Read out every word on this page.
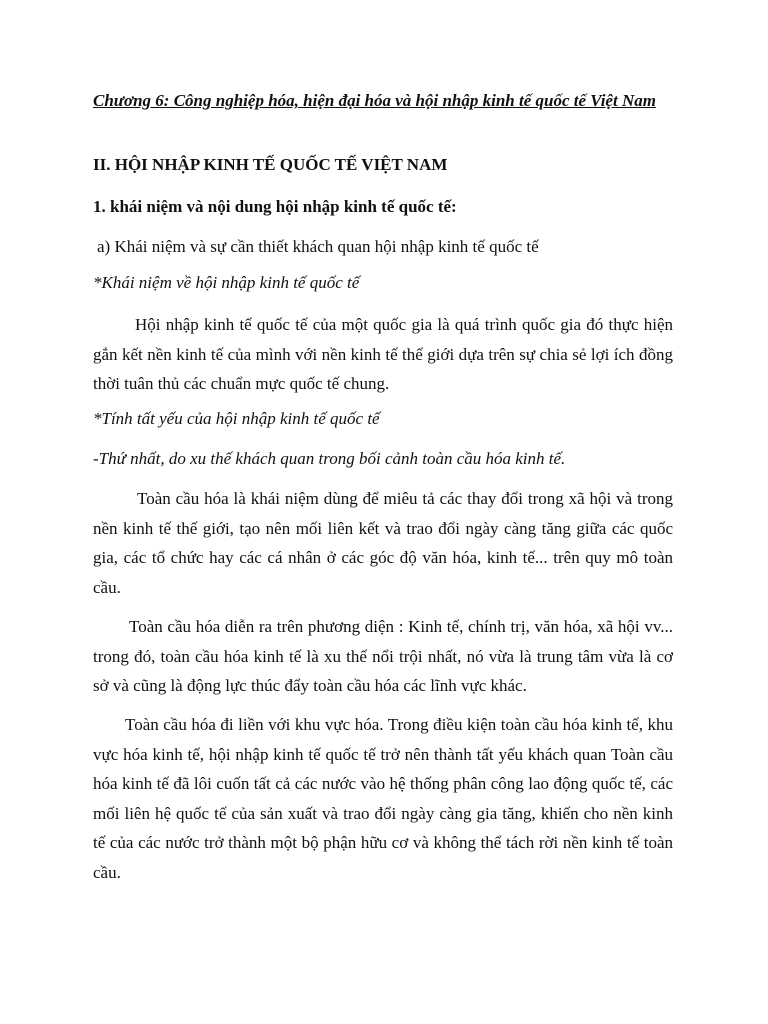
Chương 6: Công nghiệp hóa, hiện đại hóa và hội nhập kinh tế quốc tế Việt Nam

II. HỘI NHẬP KINH TẾ QUỐC TẾ VIỆT NAM

1. khái niệm và nội dung hội nhập kinh tế quốc tế:

a) Khái niệm và sự cần thiết khách quan hội nhập kinh tế quốc tế

*Khái niệm về hội nhập kinh tế quốc tế

Hội nhập kinh tế quốc tế của một quốc gia là quá trình quốc gia đó thực hiện gắn kết nền kinh tế của mình với nền kinh tế thế giới dựa trên sự chia sẻ lợi ích đồng thời tuân thủ các chuẩn mực quốc tế chung.

*Tính tất yếu của hội nhập kinh tế quốc tế

-Thứ nhất, do xu thế khách quan trong bối cảnh toàn cầu hóa kinh tế.

Toàn cầu hóa là khái niệm dùng để miêu tả các thay đổi trong xã hội và trong nền kinh tế thế giới, tạo nên mối liên kết và trao đổi ngày càng tăng giữa các quốc gia, các tổ chức hay các cá nhân ở các góc độ văn hóa, kinh tế... trên quy mô toàn cầu.

Toàn cầu hóa diễn ra trên phương diện : Kinh tế, chính trị, văn hóa, xã hội vv... trong đó, toàn cầu hóa kinh tế là xu thế nổi trội nhất, nó vừa là trung tâm vừa là cơ sở và cũng là động lực thúc đẩy toàn cầu hóa các lĩnh vực khác.

Toàn cầu hóa đi liền với khu vực hóa. Trong điều kiện toàn cầu hóa kinh tế, khu vực hóa kinh tế, hội nhập kinh tế quốc tế trở nên thành tất yếu khách quan Toàn cầu hóa kinh tế đã lôi cuốn tất cả các nước vào hệ thống phân công lao động quốc tế, các mối liên hệ quốc tế của sản xuất và trao đổi ngày càng gia tăng, khiến cho nền kinh tế của các nước trở thành một bộ phận hữu cơ và không thể tách rời nền kinh tế toàn cầu.
